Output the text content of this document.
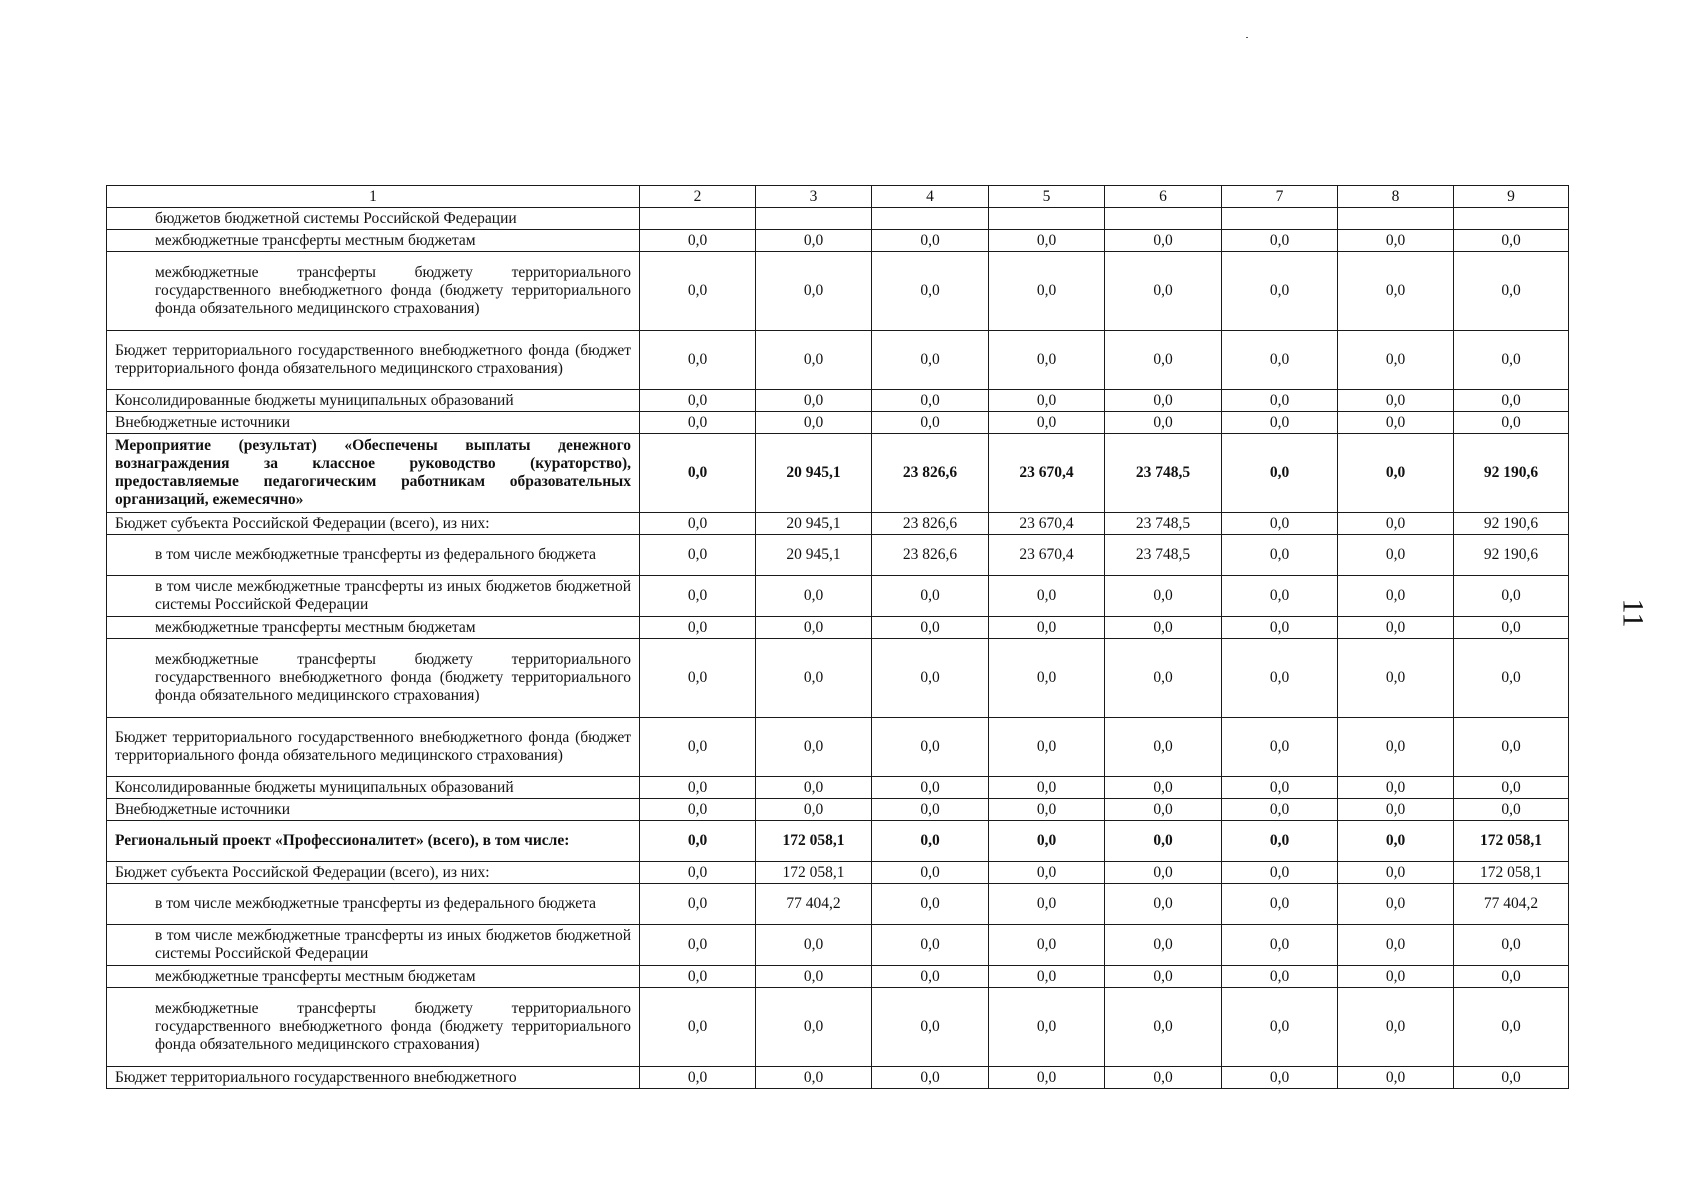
1	2	3	4	5	6	7	8	9
бюджетов бюджетной системы Российской Федерации								
межбюджетные трансферты местным бюджетам	0,0	0,0	0,0	0,0	0,0	0,0	0,0	0,0
межбюджетные трансферты бюджету территориального государственного внебюджетного фонда (бюджету территориального фонда обязательного медицинского страхования)	0,0	0,0	0,0	0,0	0,0	0,0	0,0	0,0
Бюджет территориального государственного внебюджетного фонда (бюджет территориального фонда обязательного медицинского страхования)	0,0	0,0	0,0	0,0	0,0	0,0	0,0	0,0
Консолидированные бюджеты муниципальных образований	0,0	0,0	0,0	0,0	0,0	0,0	0,0	0,0
Внебюджетные источники	0,0	0,0	0,0	0,0	0,0	0,0	0,0	0,0
Мероприятие (результат) «Обеспечены выплаты денежного вознаграждения за классное руководство (кураторство), предоставляемые педагогическим работникам образовательных организаций, ежемесячно»	0,0	20 945,1	23 826,6	23 670,4	23 748,5	0,0	0,0	92 190,6
Бюджет субъекта Российской Федерации (всего), из них:	0,0	20 945,1	23 826,6	23 670,4	23 748,5	0,0	0,0	92 190,6
в том числе межбюджетные трансферты из федерального бюджета	0,0	20 945,1	23 826,6	23 670,4	23 748,5	0,0	0,0	92 190,6
в том числе межбюджетные трансферты из иных бюджетов бюджетной системы Российской Федерации	0,0	0,0	0,0	0,0	0,0	0,0	0,0	0,0
межбюджетные трансферты местным бюджетам	0,0	0,0	0,0	0,0	0,0	0,0	0,0	0,0
межбюджетные трансферты бюджету территориального государственного внебюджетного фонда (бюджету территориального фонда обязательного медицинского страхования)	0,0	0,0	0,0	0,0	0,0	0,0	0,0	0,0
Бюджет территориального государственного внебюджетного фонда (бюджет территориального фонда обязательного медицинского страхования)	0,0	0,0	0,0	0,0	0,0	0,0	0,0	0,0
Консолидированные бюджеты муниципальных образований	0,0	0,0	0,0	0,0	0,0	0,0	0,0	0,0
Внебюджетные источники	0,0	0,0	0,0	0,0	0,0	0,0	0,0	0,0
Региональный проект «Профессионалитет» (всего), в том числе:	0,0	172 058,1	0,0	0,0	0,0	0,0	0,0	172 058,1
Бюджет субъекта Российской Федерации (всего), из них:	0,0	172 058,1	0,0	0,0	0,0	0,0	0,0	172 058,1
в том числе межбюджетные трансферты из федерального бюджета	0,0	77 404,2	0,0	0,0	0,0	0,0	0,0	77 404,2
в том числе межбюджетные трансферты из иных бюджетов бюджетной системы Российской Федерации	0,0	0,0	0,0	0,0	0,0	0,0	0,0	0,0
межбюджетные трансферты местным бюджетам	0,0	0,0	0,0	0,0	0,0	0,0	0,0	0,0
межбюджетные трансферты бюджету территориального государственного внебюджетного фонда (бюджету территориального фонда обязательного медицинского страхования)	0,0	0,0	0,0	0,0	0,0	0,0	0,0	0,0
Бюджет территориального государственного внебюджетного	0,0	0,0	0,0	0,0	0,0	0,0	0,0	0,0
11
